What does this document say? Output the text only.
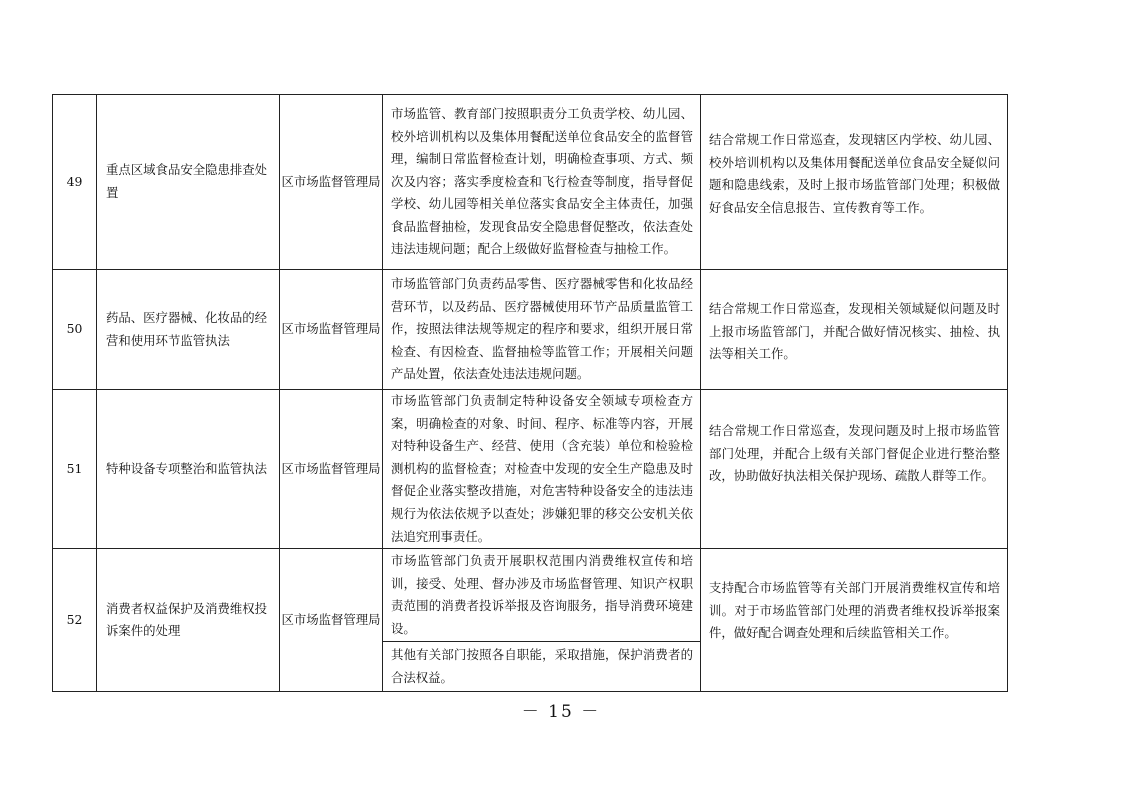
49	重点区域食品安全隐患排查处置	区市场监督管理局	市场监管、教育部门按照职责分工负责学校、幼儿园、校外培训机构以及集体用餐配送单位食品安全的监督管理，编制日常监督检查计划，明确检查事项、方式、频次及内容；落实季度检查和飞行检查等制度，指导督促学校、幼儿园等相关单位落实食品安全主体责任，加强食品监督抽检，发现食品安全隐患督促整改，依法查处违法违规问题；配合上级做好监督检查与抽检工作。	结合常规工作日常巡查，发现辖区内学校、幼儿园、校外培训机构以及集体用餐配送单位食品安全疑似问题和隐患线索，及时上报市场监管部门处理；积极做好食品安全信息报告、宣传教育等工作。
50	药品、医疗器械、化妆品的经营和使用环节监管执法	区市场监督管理局	市场监管部门负责药品零售、医疗器械零售和化妆品经营环节，以及药品、医疗器械使用环节产品质量监管工作，按照法律法规等规定的程序和要求，组织开展日常检查、有因检查、监督抽检等监管工作；开展相关问题产品处置，依法查处违法违规问题。	结合常规工作日常巡查，发现相关领域疑似问题及时上报市场监管部门，并配合做好情况核实、抽检、执法等相关工作。
51	特种设备专项整治和监管执法	区市场监督管理局	市场监管部门负责制定特种设备安全领域专项检查方案，明确检查的对象、时间、程序、标准等内容，开展对特种设备生产、经营、使用（含充装）单位和检验检测机构的监督检查；对检查中发现的安全生产隐患及时督促企业落实整改措施，对危害特种设备安全的违法违规行为依法依规予以查处；涉嫌犯罪的移交公安机关依法追究刑事责任。	结合常规工作日常巡查，发现问题及时上报市场监管部门处理，并配合上级有关部门督促企业进行整治整改，协助做好执法相关保护现场、疏散人群等工作。
52	消费者权益保护及消费维权投诉案件的处理	区市场监督管理局	市场监管部门负责开展职权范围内消费维权宣传和培训，接受、处理、督办涉及市场监督管理、知识产权职责范围的消费者投诉举报及咨询服务，指导消费环境建设。	支持配合市场监管等有关部门开展消费维权宣传和培训。对于市场监管部门处理的消费者维权投诉举报案件，做好配合调查处理和后续监管相关工作。
			其他有关部门按照各自职能，采取措施，保护消费者的合法权益。	
－ 15 －
